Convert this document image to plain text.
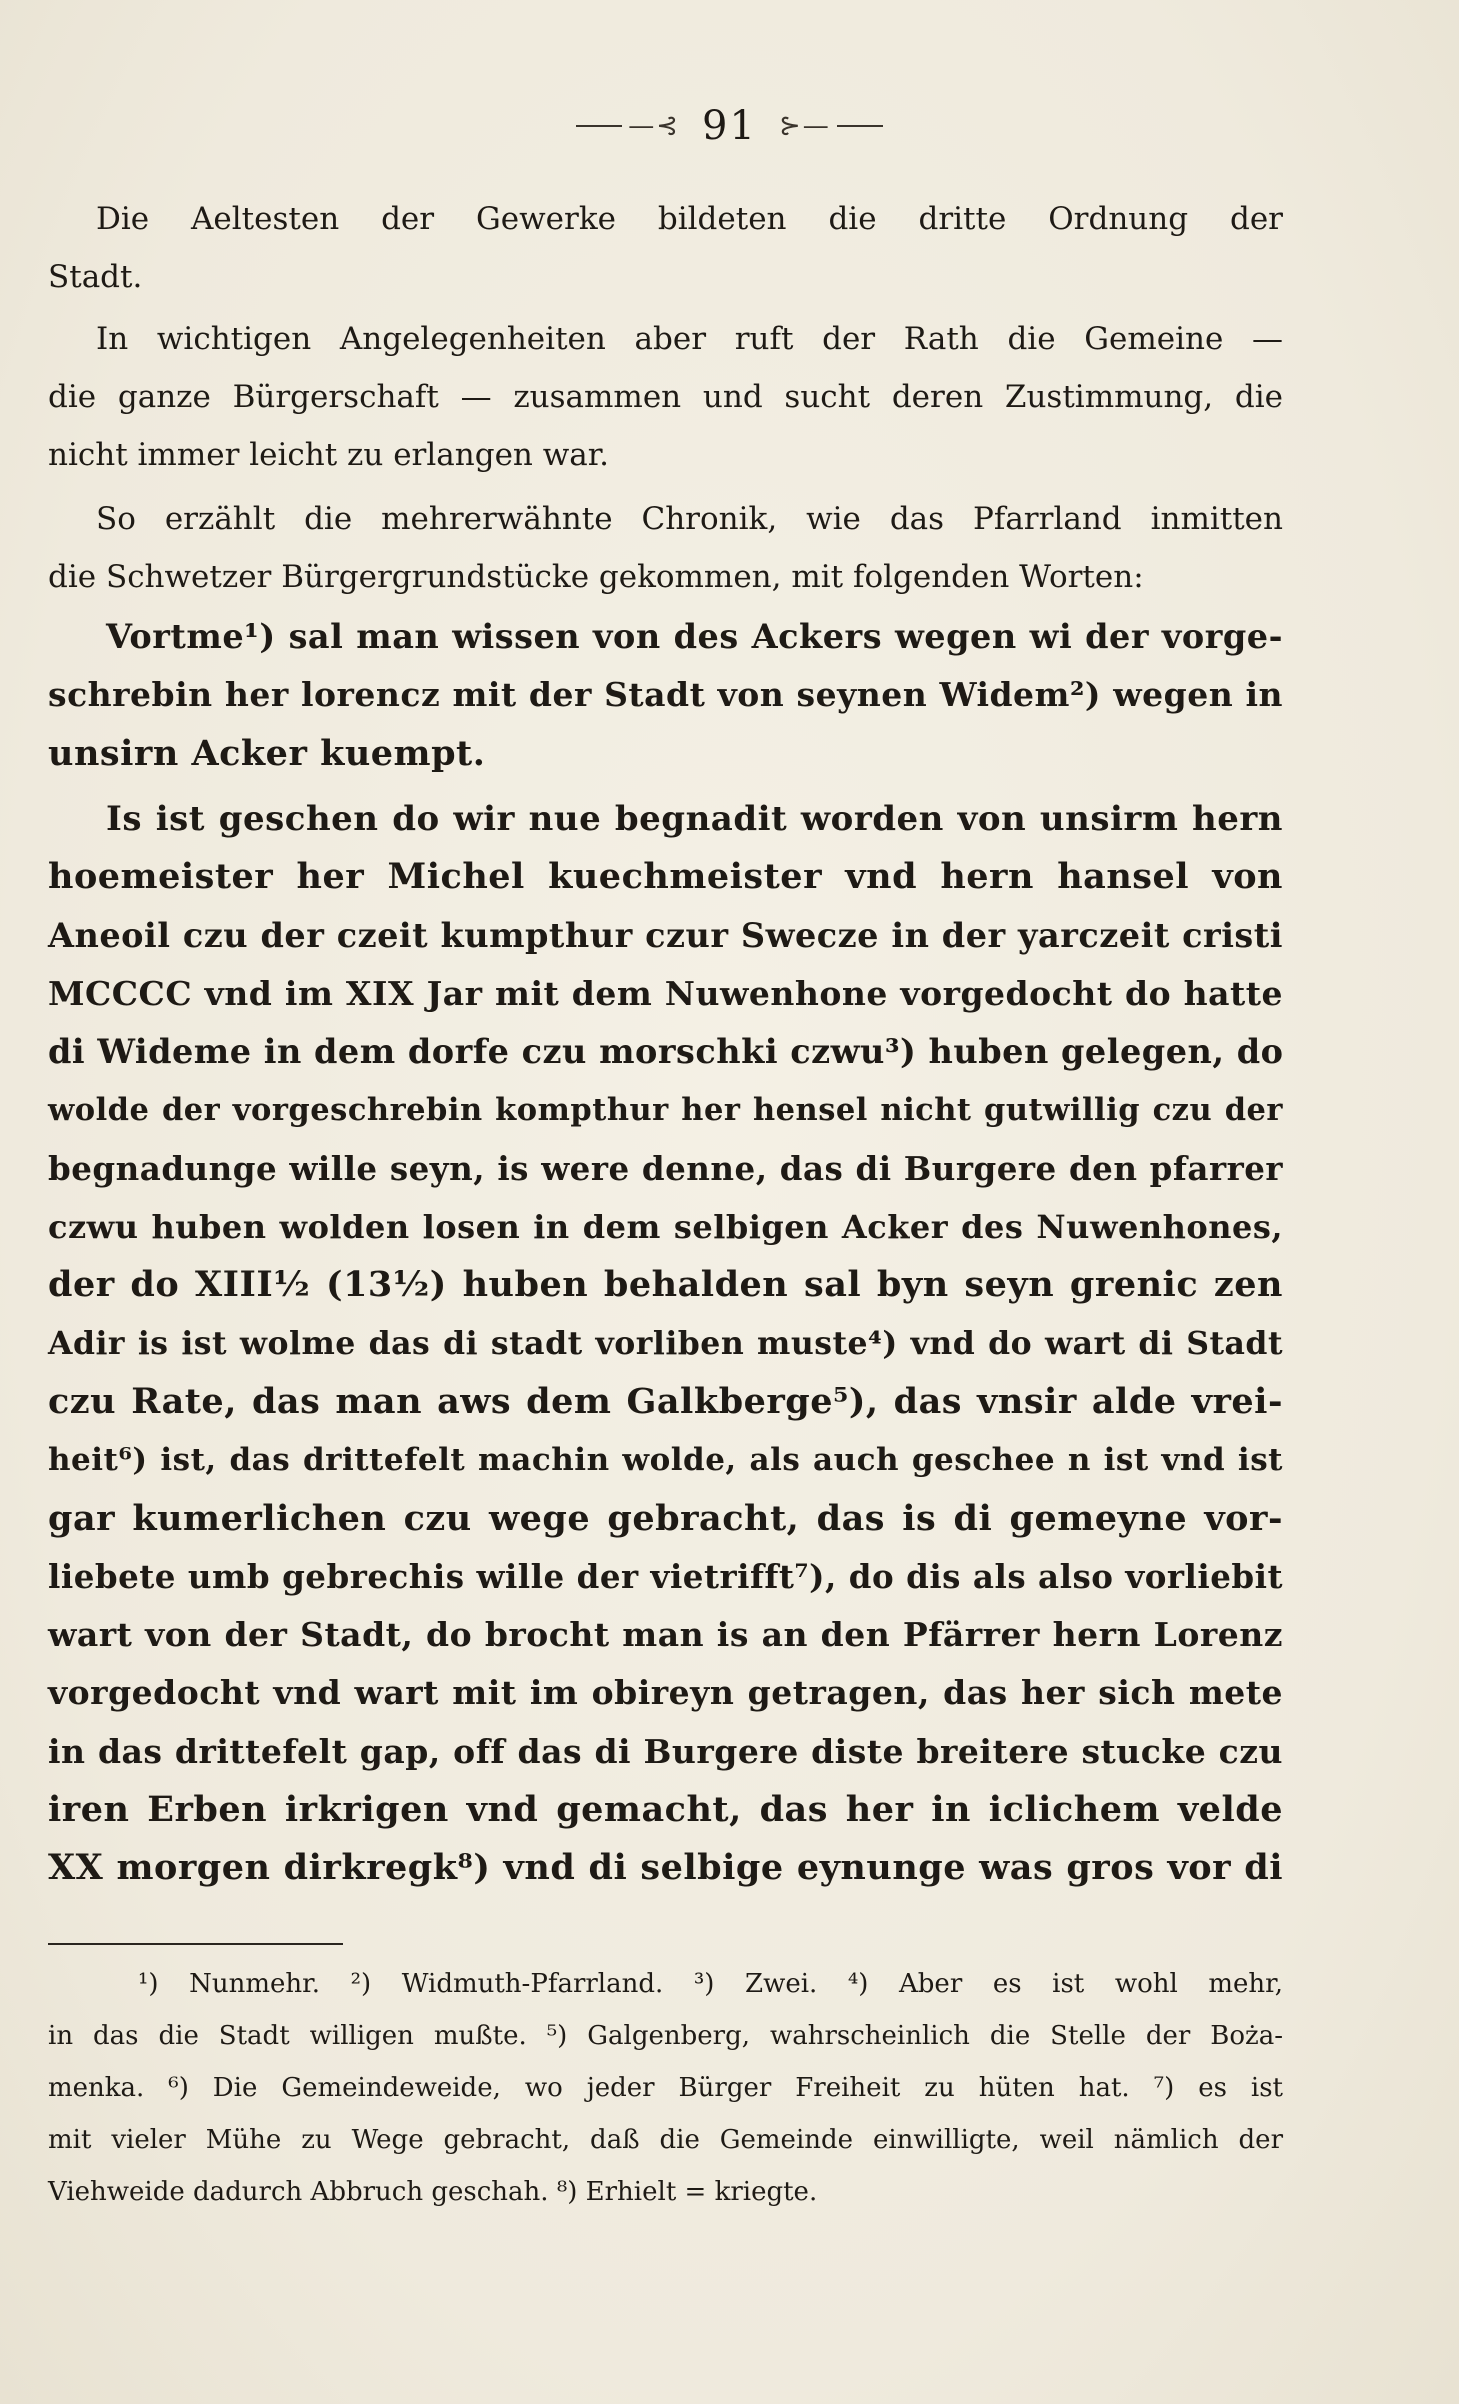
—⊰ 91 ⊱—
Die Aeltesten der Gewerke bildeten die dritte Ordnung der
Stadt.
In wichtigen Angelegenheiten aber ruft der Rath die Gemeine —
die ganze Bürgerschaft — zusammen und sucht deren Zustimmung, die
nicht immer leicht zu erlangen war.
So erzählt die mehrerwähnte Chronik, wie das Pfarrland inmitten
die Schwetzer Bürgergrundstücke gekommen, mit folgenden Worten:
Vortme¹) sal man wissen von des Ackers wegen wi der vorge-
schrebin her lorencz mit der Stadt von seynen Widem²) wegen in
unsirn Acker kuempt.
Is ist geschen do wir nue begnadit worden von unsirm hern
hoemeister her Michel kuechmeister vnd hern hansel von
Aneoil czu der czeit kumpthur czur Swecze in der yarczeit cristi
MCCCC vnd im XIX Jar mit dem Nuwenhone vorgedocht do hatte
di Wideme in dem dorfe czu morschki czwu³) huben gelegen, do
wolde der vorgeschrebin kompthur her hensel nicht gutwillig czu der
begnadunge wille seyn, is were denne, das di Burgere den pfarrer
czwu huben wolden losen in dem selbigen Acker des Nuwenhones,
der do XIII½ (13½) huben behalden sal byn seyn grenic zen
Adir is ist wolme das di stadt vorliben muste⁴) vnd do wart di Stadt
czu Rate, das man aws dem Galkberge⁵), das vnsir alde vrei-
heit⁶) ist, das drittefelt machin wolde, als auch geschee n ist vnd ist
gar kumerlichen czu wege gebracht, das is di gemeyne vor-
liebete umb gebrechis wille der vietrifft⁷), do dis als also vorliebit
wart von der Stadt, do brocht man is an den Pfärrer hern Lorenz
vorgedocht vnd wart mit im obireyn getragen, das her sich mete
in das drittefelt gap, off das di Burgere diste breitere stucke czu
iren Erben irkrigen vnd gemacht, das her in iclichem velde
XX morgen dirkregk⁸) vnd di selbige eynunge was gros vor di
¹) Nunmehr. ²) Widmuth-Pfarrland. ³) Zwei. ⁴) Aber es ist wohl mehr,
in das die Stadt willigen mußte. ⁵) Galgenberg, wahrscheinlich die Stelle der Boża-
menka. ⁶) Die Gemeindeweide, wo jeder Bürger Freiheit zu hüten hat. ⁷) es ist
mit vieler Mühe zu Wege gebracht, daß die Gemeinde einwilligte, weil nämlich der
Viehweide dadurch Abbruch geschah. ⁸) Erhielt = kriegte.
